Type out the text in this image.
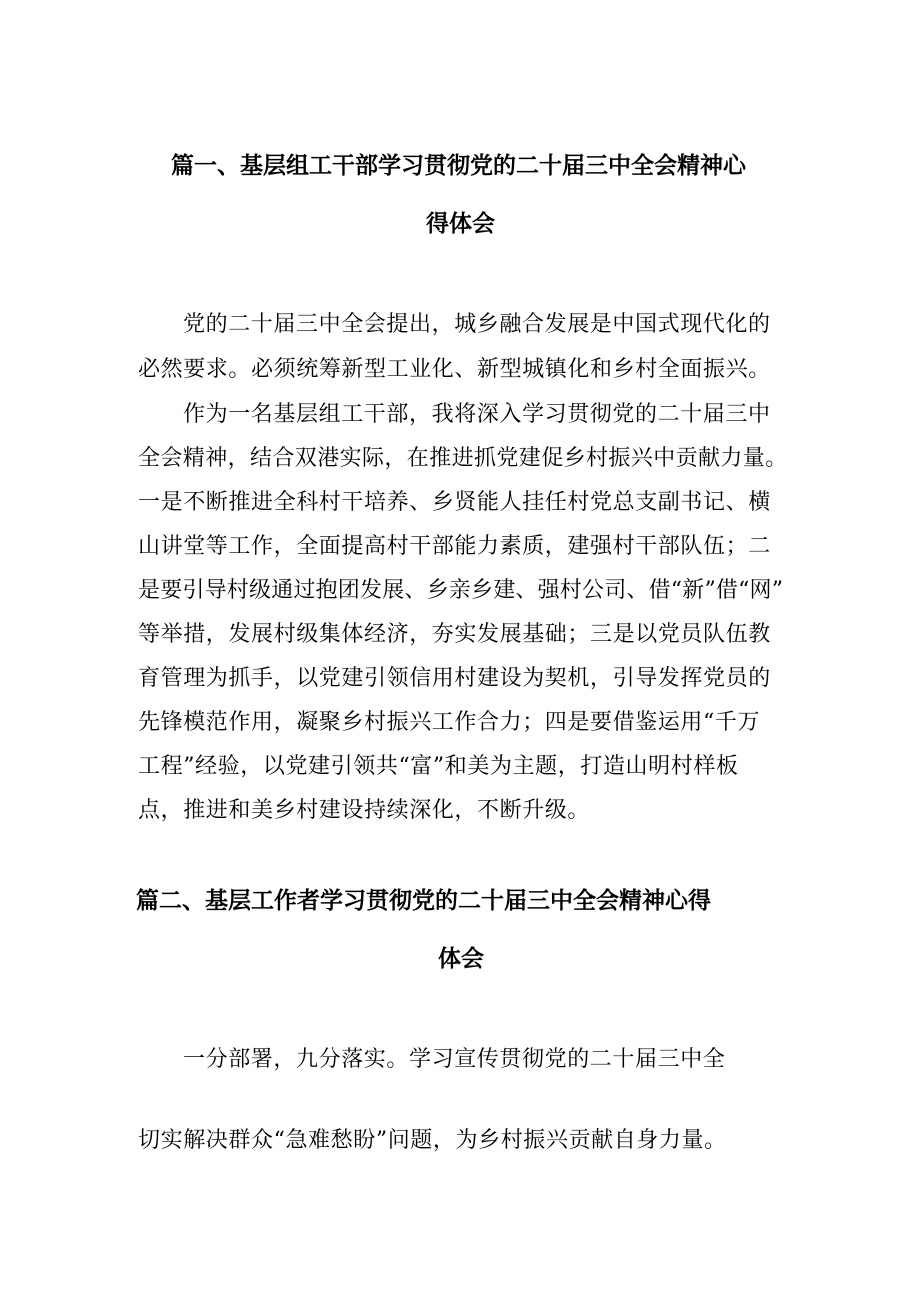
篇一、基层组工干部学习贯彻党的二十届三中全会精神心
得体会

党的二十届三中全会提出，城乡融合发展是中国式现代化的

必然要求。必须统筹新型工业化、新型城镇化和乡村全面振兴。

作为一名基层组工干部，我将深入学习贯彻党的二十届三中

全会精神，结合双港实际，在推进抓党建促乡村振兴中贡献力量。

一是不断推进全科村干培养、乡贤能人挂任村党总支副书记、横

山讲堂等工作，全面提高村干部能力素质，建强村干部队伍；二

是要引导村级通过抱团发展、乡亲乡建、强村公司、借“新”借“网”

等举措，发展村级集体经济，夯实发展基础；三是以党员队伍教

育管理为抓手，以党建引领信用村建设为契机，引导发挥党员的

先锋模范作用，凝聚乡村振兴工作合力；四是要借鉴运用“千万

工程”经验，以党建引领共“富”和美为主题，打造山明村样板

点，推进和美乡村建设持续深化，不断升级。

篇二、基层工作者学习贯彻党的二十届三中全会精神心得
体会

一分部署，九分落实。学习宣传贯彻党的二十届三中全

切实解决群众“急难愁盼”问题，为乡村振兴贡献自身力量。
